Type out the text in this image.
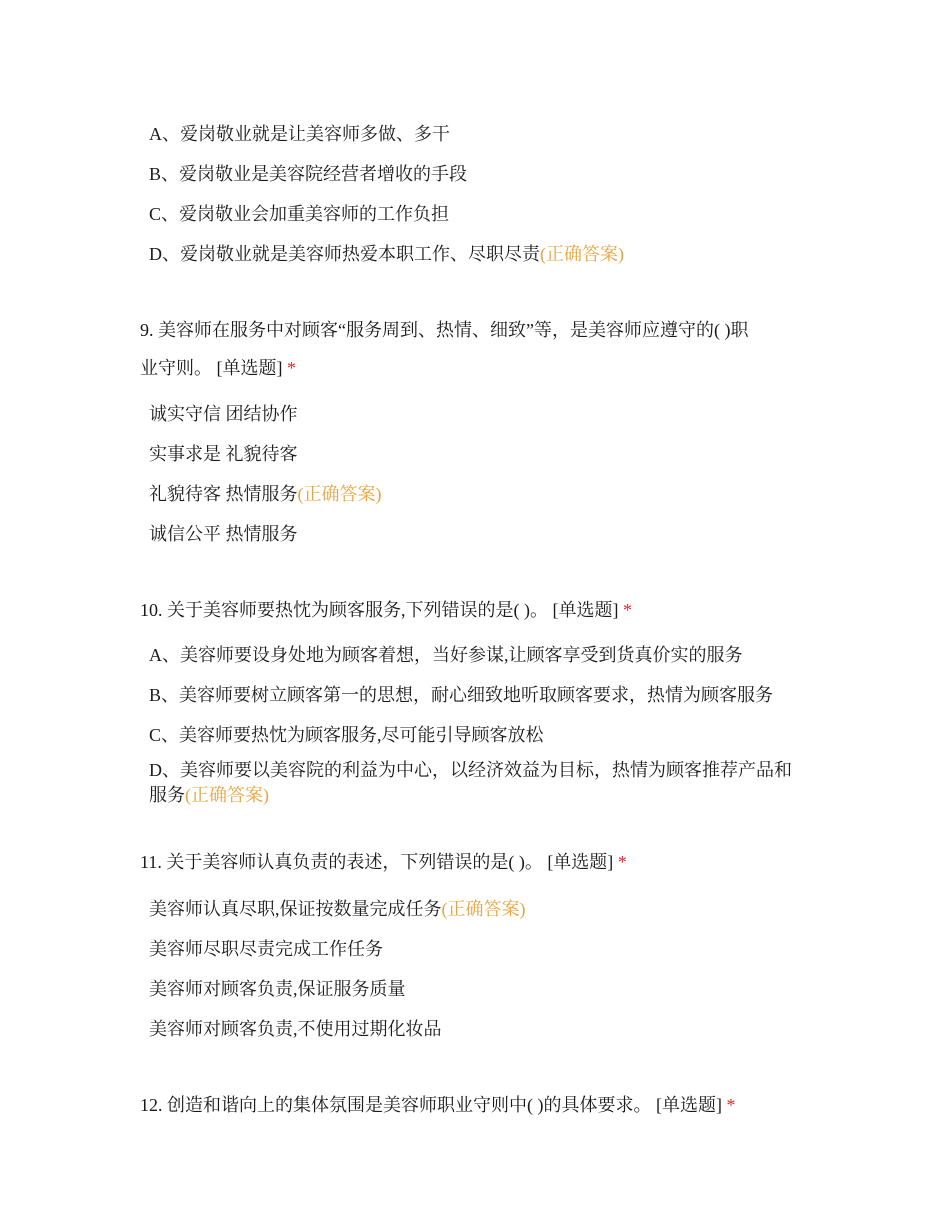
A、爱岗敬业就是让美容师多做、多干
B、爱岗敬业是美容院经营者增收的手段
C、爱岗敬业会加重美容师的工作负担
D、爱岗敬业就是美容师热爱本职工作、尽职尽责(正确答案)
9. 美容师在服务中对顾客“服务周到、热情、细致”等，是美容师应遵守的( )职
业守则。 [单选题] *
诚实守信 团结协作
实事求是 礼貌待客
礼貌待客 热情服务(正确答案)
诚信公平 热情服务
10. 关于美容师要热忱为顾客服务,下列错误的是( )。 [单选题] *
A、美容师要设身处地为顾客着想，当好参谋,让顾客享受到货真价实的服务
B、美容师要树立顾客第一的思想，耐心细致地听取顾客要求，热情为顾客服务
C、美容师要热忱为顾客服务,尽可能引导顾客放松
D、美容师要以美容院的利益为中心，以经济效益为目标，热情为顾客推荐产品和服务(正确答案)
11. 关于美容师认真负责的表述，下列错误的是( )。 [单选题] *
美容师认真尽职,保证按数量完成任务(正确答案)
美容师尽职尽责完成工作任务
美容师对顾客负责,保证服务质量
美容师对顾客负责,不使用过期化妆品
12. 创造和谐向上的集体氛围是美容师职业守则中( )的具体要求。 [单选题] *
